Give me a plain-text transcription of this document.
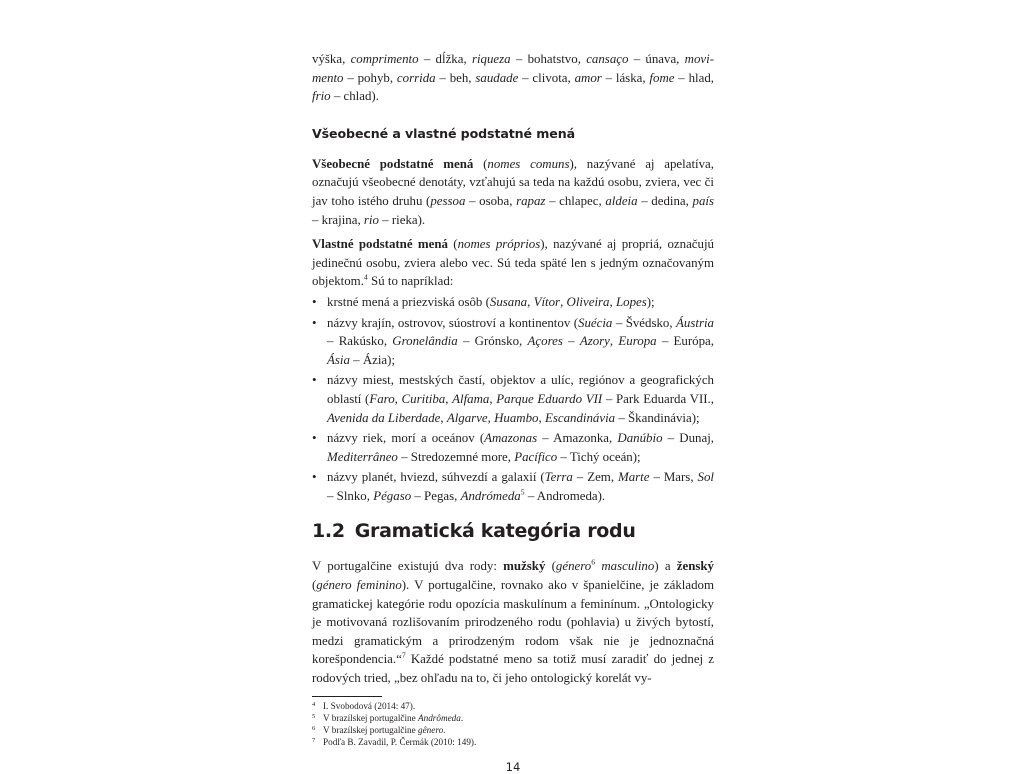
výška, comprimento – dĺžka, riqueza – bohatstvo, cansaço – únava, movi-mento – pohyb, corrida – beh, saudade – clivota, amor – láska, fome – hlad, frio – chlad).

Všeobecné a vlastné podstatné mená

Všeobecné podstatné mená (nomes comuns), nazývané aj apelatíva, označujú všeobecné denotáty, vzťahujú sa teda na každú osobu, zviera, vec či jav toho istého druhu (pessoa – osoba, rapaz – chlapec, aldeia – dedina, país – krajina, rio – rieka).

Vlastné podstatné mená (nomes próprios), nazývané aj propriá, označujú jedinečnú osobu, zviera alebo vec. Sú teda späté len s jedným označovaným objektom.$^4$ Sú to napríklad:

• krstné mená a priezviská osôb (Susana, Vítor, Oliveira, Lopes);
• názvy krajín, ostrovov, súostroví a kontinentov (Suécia – Švédsko, Áustria – Rakúsko, Gronelândia – Grónsko, Açores – Azory, Europa – Európa, Ásia – Ázia);
• názvy miest, mestských častí, objektov a ulíc, regiónov a geografických oblastí (Faro, Curitiba, Alfama, Parque Eduardo VII – Park Eduarda VII., Avenida da Liberdade, Algarve, Huambo, Escandinávia – Škandinávia);
• názvy riek, morí a oceánov (Amazonas – Amazonka, Danúbio – Dunaj, Mediterrâneo – Stredozemné more, Pacífico – Tichý oceán);
• názvy planét, hviezd, súhvezdí a galaxií (Terra – Zem, Marte – Mars, Sol – Slnko, Pégaso – Pegas, Andrómeda$^5$ – Andromeda).
1.2 Gramatická kategória rodu

V portugalčine existujú dva rody: mužský (género$^6$ masculino) a ženský (género feminino). V portugalčine, rovnako ako v španielčine, je základom gramatickej kategórie rodu opozícia maskulínum a feminínum. „Ontologicky je motivovaná rozlišovaním prirodzeného rodu (pohlavia) u živých bytostí, medzi gramatickým a prirodzeným rodom však nie je jednoznačná korešpondencia.“$^7$ Každé podstatné meno sa totiž musí zaradiť do jednej z rodových tried, „bez ohľadu na to, či jeho ontologický korelát vy-

4 I. Svobodová (2014: 47).
5 V brazílskej portugalčine Andrômeda.
6 V brazílskej portugalčine gênero.
7 Podľa B. Zavadil, P. Čermák (2010: 149).
14
